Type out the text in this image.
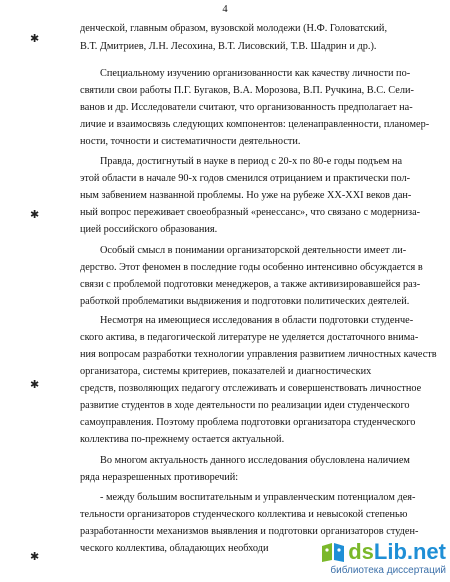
4
✱
✱
✱
✱
денческой, главным образом, вузовской молодежи (Н.Ф. Головатский,
В.Т. Дмитриев, Л.Н. Лесохина, В.Т. Лисовский, Т.В. Шадрин и др.).
Специальному изучению организованности как качеству личности по-
святили свои работы П.Г. Бугаков, В.А. Морозова, В.П. Ручкина, В.С. Сели-
ванов и др. Исследователи считают, что организованность предполагает на-
личие и взаимосвязь следующих компонентов: целенаправленности, планомер-
ности, точности и систематичности деятельности.
Правда, достигнутый в науке в период с 20-х по 80-е годы подъем на
этой области в начале 90-х годов сменился отрицанием и практически пол-
ным забвением названной проблемы. Но уже на рубеже XX-XXI веков дан-
ный вопрос переживает своеобразный «ренессанс», что связано с модерниза-
цией российского образования.
Особый смысл в понимании организаторской деятельности имеет ли-
дерство. Этот феномен в последние годы особенно интенсивно обсуждается в
связи с проблемой подготовки менеджеров, а также активизировавшейся раз-
работкой проблематики выдвижения и подготовки политических деятелей.
Несмотря на имеющиеся исследования в области подготовки студенче-
ского актива, в педагогической литературе не уделяется достаточного внима-
ния вопросам разработки технологии управления развитием личностных качеств
организатора, системы критериев, показателей и диагностических
средств, позволяющих педагогу отслеживать и совершенствовать личностное
развитие студентов в ходе деятельности по реализации идеи студенческого
самоуправления. Поэтому проблема подготовки организатора студенческого
коллектива по-прежнему остается актуальной.
Во многом актуальность данного исследования обусловлена наличием
ряда неразрешенных противоречий:
- между большим воспитательным и управленческим потенциалом дея-
тельности организаторов студенческого коллектива и невысокой степенью
разработанности механизмов выявления и подготовки организаторов студен-
ческого коллектива, обладающих необходи	dsLib.net
библиотека диссертаций
